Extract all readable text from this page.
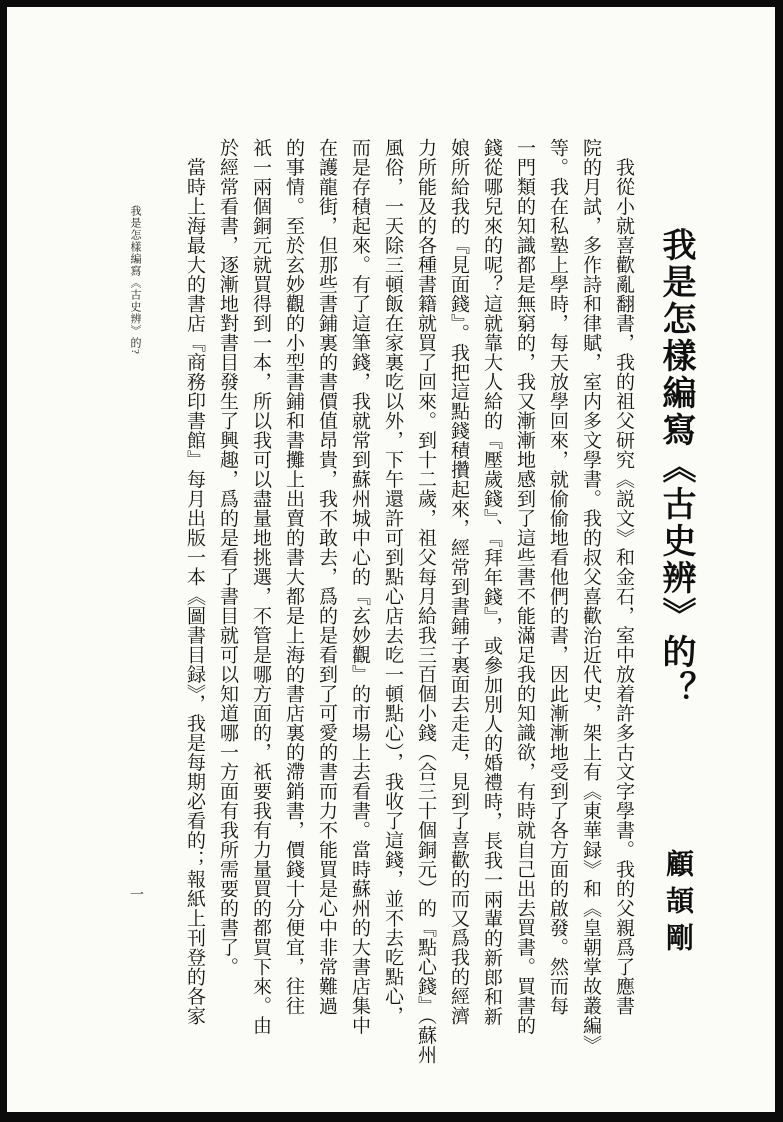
我是怎樣編寫《古史辨》的？
顧頡剛
　我從小就喜歡亂翻書，我的祖父研究《説文》和金石，室中放着許多古文字學書。我的父親爲了應書
院的月試，多作詩和律賦，室内多文學書。我的叔父喜歡治近代史，架上有《東華録》和《皇朝掌故叢編》
等。我在私塾上學時，每天放學回來，就偷偷地看他們的書，因此漸漸地受到了各方面的啟發。然而每
一門類的知識都是無窮的，我又漸漸地感到了這些書不能滿足我的知識欲，有時就自己出去買書。買書的
錢從哪兒來的呢？這就靠大人給的『壓歲錢』、『拜年錢』，或參加別人的婚禮時，長我一兩輩的新郎和新
娘所給我的『見面錢』。我把這點錢積攢起來，經常到書鋪子裏面去走走，見到了喜歡的而又爲我的經濟
力所能及的各種書籍就買了回來。到十二歲，祖父每月給我三百個小錢（合三十個銅元）的『點心錢』（蘇州
風俗，一天除三頓飯在家裏吃以外，下午還許可到點心店去吃一頓點心），我收了這錢，並不去吃點心，
而是存積起來。有了這筆錢，我就常到蘇州城中心的『玄妙觀』的市場上去看書。當時蘇州的大書店集中
在護龍街，但那些書鋪裏的書價值昂貴，我不敢去，爲的是看到了可愛的書而力不能買是心中非常難過
的事情。至於玄妙觀的小型書鋪和書攤上出賣的書大都是上海的書店裏的滯銷書，價錢十分便宜，往往
祇一兩個銅元就買得到一本，所以我可以盡量地挑選，不管是哪方面的，祇要我有力量買的都買下來。由
於經常看書，逐漸地對書目發生了興趣，爲的是看了書目就可以知道哪一方面有我所需要的書了。
　當時上海最大的書店『商務印書館』每月出版一本《圖書目録》，我是每期必看的；報紙上刊登的各家
我是怎樣編寫《古史辨》的?
一
